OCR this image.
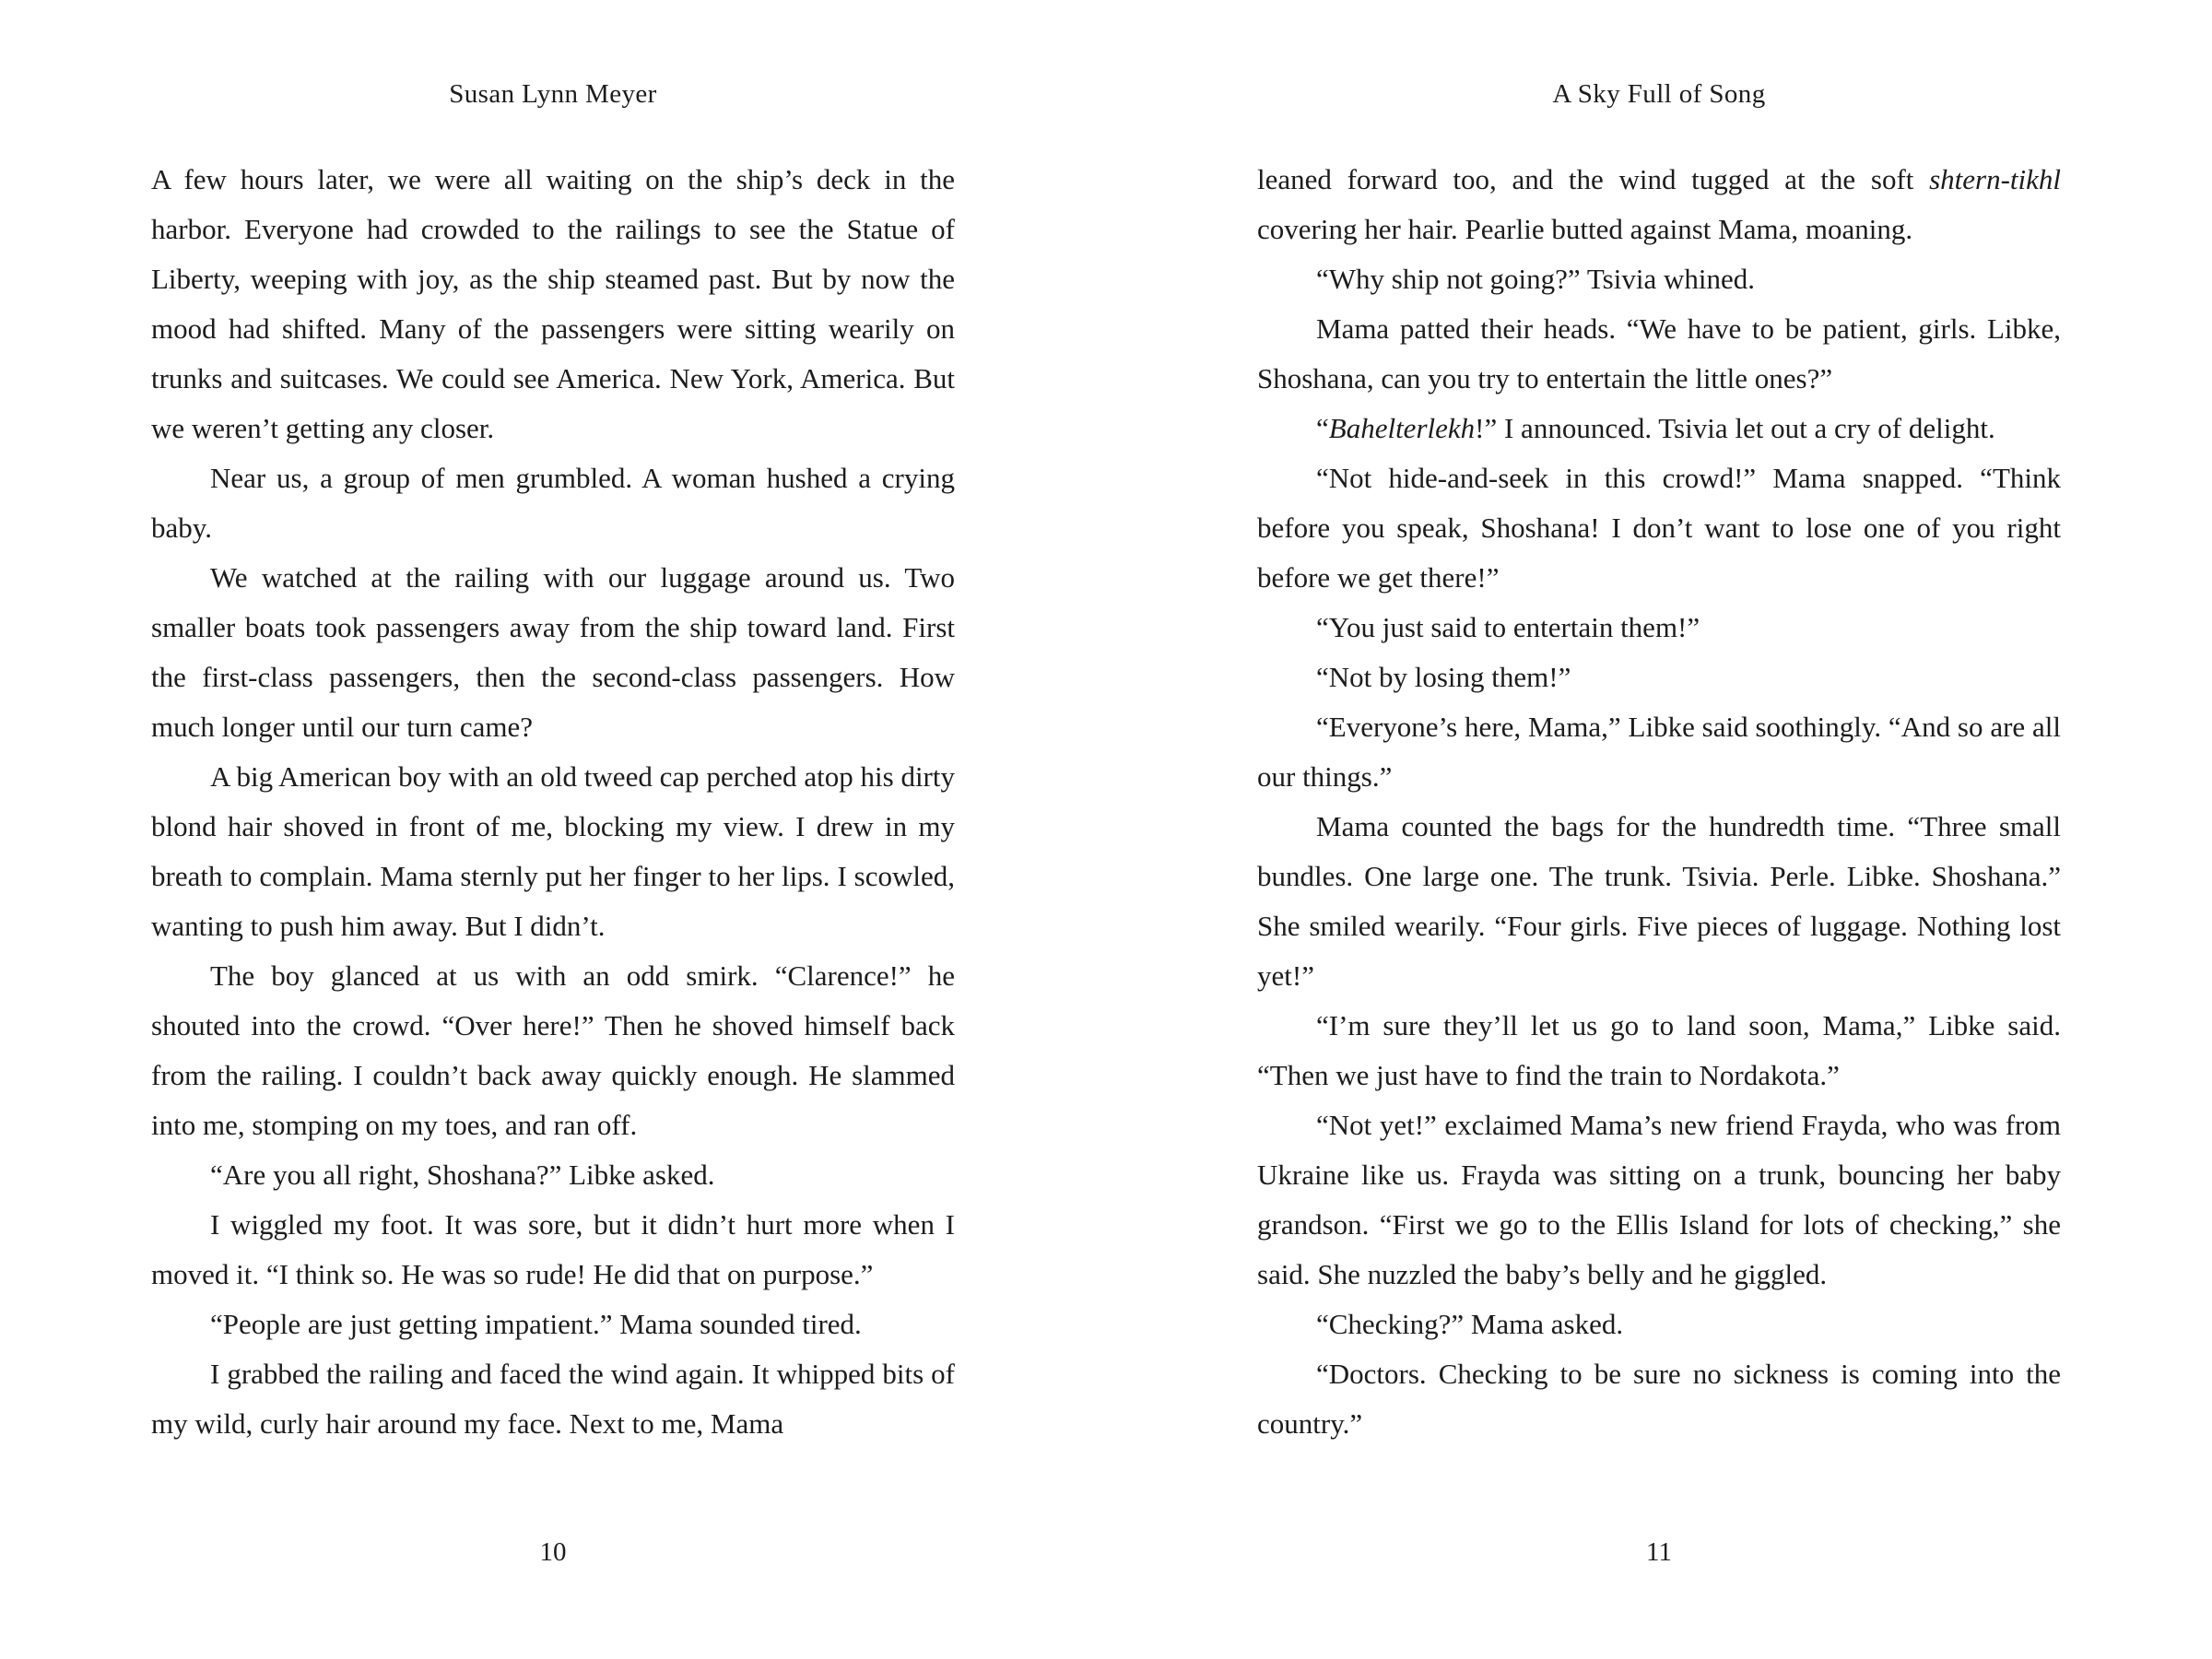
Susan Lynn Meyer

A few hours later, we were all waiting on the ship’s deck in the harbor. Everyone had crowded to the railings to see the Statue of Liberty, weeping with joy, as the ship steamed past. But by now the mood had shifted. Many of the passengers were sitting wearily on trunks and suitcases. We could see America. New York, America. But we weren’t getting any closer.

Near us, a group of men grumbled. A woman hushed a crying baby.

We watched at the railing with our luggage around us. Two smaller boats took passengers away from the ship toward land. First the first-class passengers, then the second-class passengers. How much longer until our turn came?

A big American boy with an old tweed cap perched atop his dirty blond hair shoved in front of me, blocking my view. I drew in my breath to complain. Mama sternly put her finger to her lips. I scowled, wanting to push him away. But I didn’t.

The boy glanced at us with an odd smirk. “Clarence!” he shouted into the crowd. “Over here!” Then he shoved himself back from the railing. I couldn’t back away quickly enough. He slammed into me, stomping on my toes, and ran off.

“Are you all right, Shoshana?” Libke asked.

I wiggled my foot. It was sore, but it didn’t hurt more when I moved it. “I think so. He was so rude! He did that on purpose.”

“People are just getting impatient.” Mama sounded tired.

I grabbed the railing and faced the wind again. It whipped bits of my wild, curly hair around my face. Next to me, Mama

10
A Sky Full of Song

leaned forward too, and the wind tugged at the soft shtern-tikhl covering her hair. Pearlie butted against Mama, moaning.

“Why ship not going?” Tsivia whined.

Mama patted their heads. “We have to be patient, girls. Libke, Shoshana, can you try to entertain the little ones?”

“Bahelterlekh!” I announced. Tsivia let out a cry of delight.

“Not hide-and-seek in this crowd!” Mama snapped. “Think before you speak, Shoshana! I don’t want to lose one of you right before we get there!”

“You just said to entertain them!”

“Not by losing them!”

“Everyone’s here, Mama,” Libke said soothingly. “And so are all our things.”

Mama counted the bags for the hundredth time. “Three small bundles. One large one. The trunk. Tsivia. Perle. Libke. Shoshana.” She smiled wearily. “Four girls. Five pieces of luggage. Nothing lost yet!”

“I’m sure they’ll let us go to land soon, Mama,” Libke said. “Then we just have to find the train to Nordakota.”

“Not yet!” exclaimed Mama’s new friend Frayda, who was from Ukraine like us. Frayda was sitting on a trunk, bouncing her baby grandson. “First we go to the Ellis Island for lots of checking,” she said. She nuzzled the baby’s belly and he giggled.

“Checking?” Mama asked.

“Doctors. Checking to be sure no sickness is coming into the country.”

11
